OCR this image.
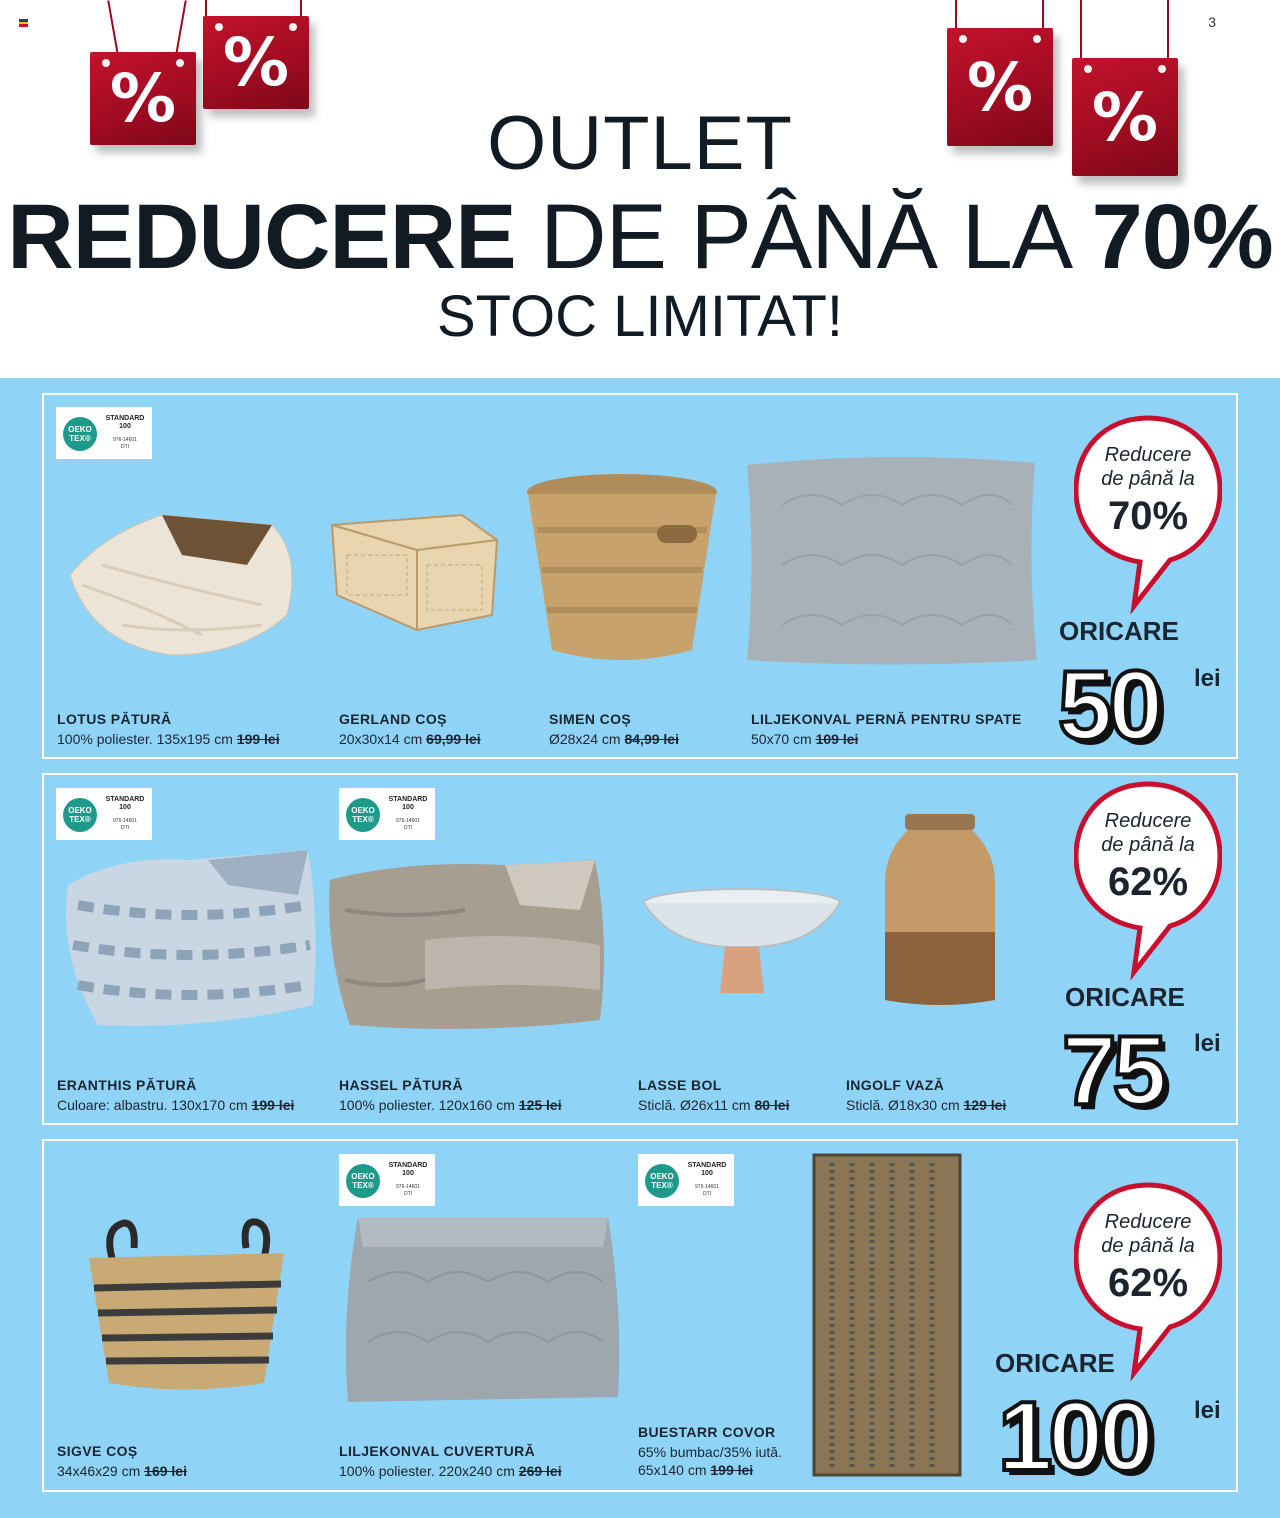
3
% %	% %
OUTLET
REDUCERE DE PÂNĂ LA 70%
STOC LIMITAT!
OEKO TEX®
STANDARD 100
976-14601
DTI
LOTUS PĂTURĂ
100% poliester. 135x195 cm 199 lei
GERLAND COȘ
20x30x14 cm 69,99 lei
SIMEN COȘ
Ø28x24 cm 84,99 lei
LILJEKONVAL PERNĂ PENTRU SPATE
50x70 cm 109 lei
Reducere
de până la
70%
ORICARE
50 lei
OEKO TEX®
STANDARD 100
976-14601
DTI
OEKO TEX®
STANDARD 100
976-14601
DTI
ERANTHIS PĂTURĂ
Culoare: albastru. 130x170 cm 199 lei
HASSEL PĂTURĂ
100% poliester. 120x160 cm 125 lei
LASSE BOL
Sticlă. Ø26x11 cm 80 lei
INGOLF VAZĂ
Sticlă. Ø18x30 cm 129 lei
Reducere
de până la
62%
ORICARE
75 lei
OEKO TEX®
STANDARD 100
976-14601
DTI
OEKO TEX®
STANDARD 100
976-14601
DTI
SIGVE COȘ
34x46x29 cm 169 lei
LILJEKONVAL CUVERTURĂ
100% poliester. 220x240 cm 269 lei
BUESTARR COVOR
65% bumbac/35% iută.
65x140 cm 199 lei
Reducere
de până la
62%
ORICARE
100 lei
